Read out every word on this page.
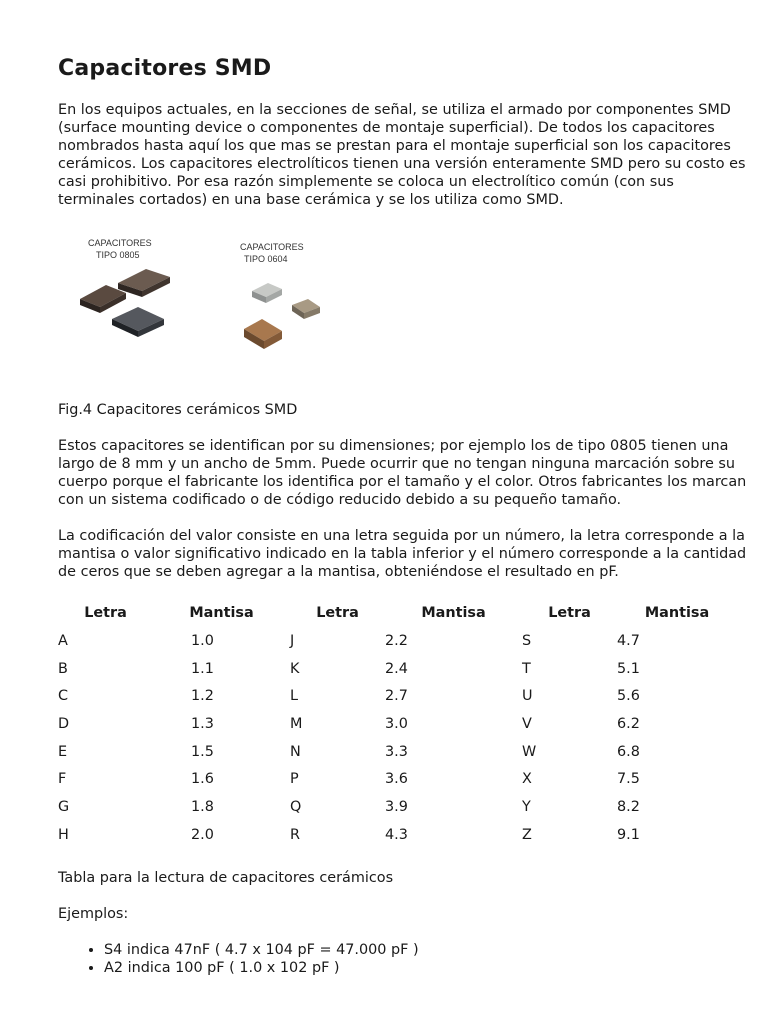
Capacitores SMD

En los equipos actuales, en la secciones de señal, se utiliza el armado por componentes SMD (surface mounting device o componentes de montaje superficial). De todos los capacitores nombrados hasta aquí los que mas se prestan para el montaje superficial son los capacitores cerámicos. Los capacitores electrolíticos tienen una versión enteramente SMD pero su costo es casi prohibitivo. Por esa razón simplemente se coloca un electrolítico común (con sus terminales cortados) en una base cerámica y se los utiliza como SMD.

CAPACITORES
TIPO 0805
CAPACITORES
TIPO 0604

Fig.4 Capacitores cerámicos SMD

Estos capacitores se identifican por su dimensiones; por ejemplo los de tipo 0805 tienen una largo de 8 mm y un ancho de 5mm. Puede ocurrir que no tengan ninguna marcación sobre su cuerpo porque el fabricante los identifica por el tamaño y el color. Otros fabricantes los marcan con un sistema codificado o de código reducido debido a su pequeño tamaño.

La codificación del valor consiste en una letra seguida por un número, la letra corresponde a la mantisa o valor significativo indicado en la tabla inferior y el número corresponde a la cantidad de ceros que se deben agregar a la mantisa, obteniéndose el resultado en pF.

Letra	Mantisa	Letra	Mantisa	Letra	Mantisa
A	1.0	J	2.2	S	4.7
B	1.1	K	2.4	T	5.1
C	1.2	L	2.7	U	5.6
D	1.3	M	3.0	V	6.2
E	1.5	N	3.3	W	6.8
F	1.6	P	3.6	X	7.5
G	1.8	Q	3.9	Y	8.2
H	2.0	R	4.3	Z	9.1

Tabla para la lectura de capacitores cerámicos

Ejemplos:

• S4 indica 47nF ( 4.7 x 104 pF = 47.000 pF )
• A2 indica 100 pF ( 1.0 x 102 pF )
